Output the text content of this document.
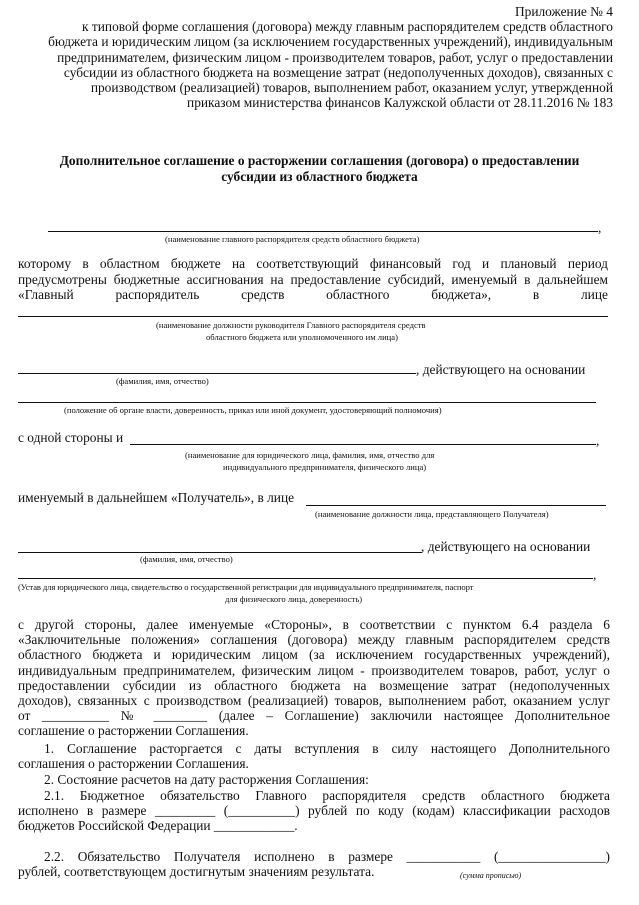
Приложение № 4
к типовой форме соглашения (договора) между главным распорядителем средств областного
бюджета и юридическим лицом (за исключением государственных учреждений), индивидуальным
предпринимателем, физическим лицом - производителем товаров, работ, услуг о предоставлении
субсидии из областного бюджета на возмещение затрат (недополученных доходов), связанных с
производством (реализацией) товаров, выполнением работ, оказанием услуг, утвержденной
приказом министерства финансов Калужской области от 28.11.2016 № 183
Дополнительное соглашение о расторжении соглашения (договора) о предоставлении
субсидии из областного бюджета
,
(наименование главного распорядителя средств областного бюджета)
которому в областном бюджете на соответствующий финансовый год и плановый период
предусмотрены бюджетные ассигнования на предоставление субсидий, именуемый в дальнейшем
«Главный	распорядитель	средств	областного	бюджета»,	в	лице
(наименование должности руководителя Главного распорядителя средств
областного бюджета или уполномоченного им лица)
, действующего на основании
(фамилия, имя, отчество)
(положение об органе власти, доверенность, приказ или иной документ, удостоверяющий полномочия)
с одной стороны и	,
(наименование для юридического лица, фамилия, имя, отчество для
индивидуального предпринимателя, физического лица)
именуемый в дальнейшем «Получатель», в лице
(наименование должности лица, представляющего Получателя)
, действующего на основании
(фамилия, имя, отчество)
,
(Устав для юридического лица, свидетельство о государственной регистрации для индивидуального предпринимателя, паспорт
для физического лица, доверенность)
с другой стороны, далее именуемые «Стороны», в соответствии с пунктом 6.4 раздела 6
«Заключительные положения» соглашения (договора) между главным распорядителем средств
областного бюджета и юридическим лицом (за исключением государственных учреждений),
индивидуальным предпринимателем, физическим лицом - производителем товаров, работ, услуг о
предоставлении субсидии из областного бюджета на возмещение затрат (недополученных
доходов), связанных с производством (реализацией) товаров, выполнением работ, оказанием услуг
от __________ № ________ (далее – Соглашение) заключили настоящее Дополнительное
соглашение о расторжении Соглашения.
1. Соглашение расторгается с даты вступления в силу настоящего Дополнительного
соглашения о расторжении Соглашения.
2. Состояние расчетов на дату расторжения Соглашения:
2.1. Бюджетное обязательство Главного распорядителя средств областного бюджета
исполнено в размере _________ (__________) рублей по коду (кодам) классификации расходов
бюджетов Российской Федерации ____________.
2.2. Обязательство Получателя исполнено в размере ___________ (________________)
рублей, соответствующем достигнутым значениям результата.	(сумма прописью)
